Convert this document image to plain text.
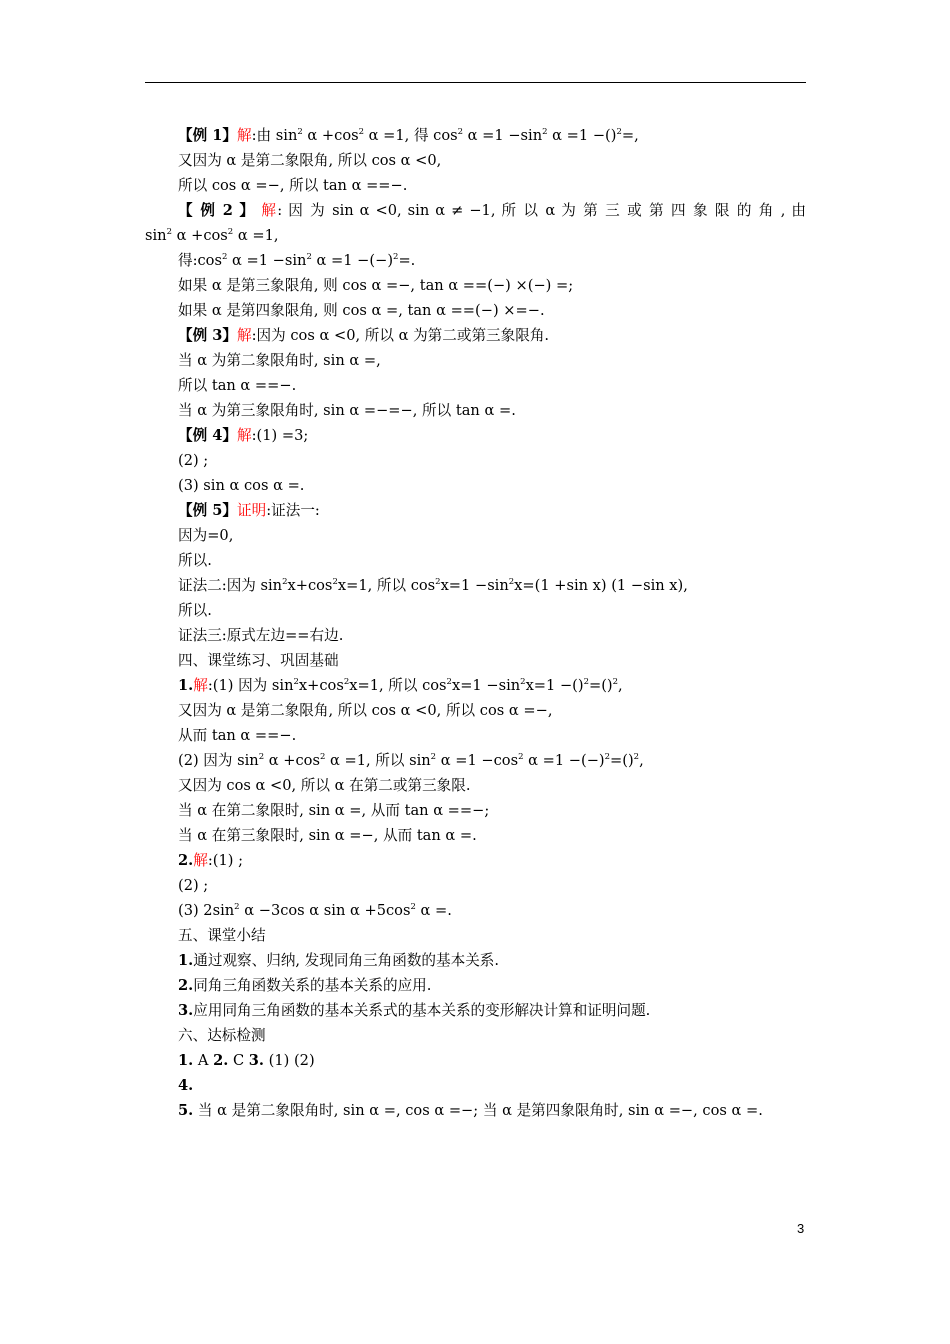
【例 1】解:由 $\sin^2 \alpha +\cos^2$ α =1, 得 $\cos^2 \alpha =1 -\sin^2$ α =1 −()$^2$=,
又因为 α 是第二象限角, 所以 cos α <0,
所以 cos α =−, 所以 tan α ==−.
【 例 2 】 解: 因 为 sin α <0, sin α ≠ −1, 所 以 α 为 第 三 或 第 四 象 限 的 角 , 由
$\sin^2 \alpha +\cos^2$ α =1,
得$:\cos^2$ $\alpha =1 -\sin^2$ $\alpha =1 -(-)^2=$.
如果 α 是第三象限角, 则 cos α =−, tan α ==(−) ×(−) =;
如果 α 是第四象限角, 则 cos α =, tan α ==(−) ×=−.
【例 3】解:因为 cos α <0, 所以 α 为第二或第三象限角.
当 α 为第二象限角时, sin α =,
所以 tan α ==−.
当 α 为第三象限角时, sin α =−=−, 所以 tan α =.
【例 4】解:(1) =3;
(2) ;
(3) sin α cos α =.
【例 5】证明:证法一:
因为=0,
所以.
证法二:因为 $\sin^2x+\cos^2x=1$, 所以 $\cos^2x=1 -\sin^2x=(1 +\sin$ x) (1 −sin x),
所以.
证法三:原式左边==右边.
四、课堂练习、巩固基础
1.解:(1) 因为 $\sin^2x+\cos^2x=1$, 所以 $\cos^2x=1 -\sin^2x=1 -()^2=()^2$,
又因为 α 是第二象限角, 所以 cos α <0, 所以 cos α =−,
从而 tan α ==−.
(2) 因为 $\sin^2 \alpha +\cos^2$ α =1, 所以 $\sin^2 \alpha =1 -\cos^2$ $\alpha =1 -(-)^2=()^2$,
又因为 cos α <0, 所以 α 在第二或第三象限.
当 α 在第二象限时, sin α =, 从而 tan α ==−;
当 α 在第三象限时, sin α =−, 从而 tan α =.
2.解:(1) ;
(2) ;
(3) $2\sin^2$ α −3cos α $\sin \alpha +5\cos^2$ α =.
五、课堂小结
1.通过观察、归纳, 发现同角三角函数的基本关系.
2.同角三角函数关系的基本关系的应用.
3.应用同角三角函数的基本关系式的基本关系的变形解决计算和证明问题.
六、达标检测
1. A 2. C 3. (1) (2)
4.
5. 当 α 是第二象限角时, sin α =, cos α =−; 当 α 是第四象限角时, sin α =−, cos α =.
3
